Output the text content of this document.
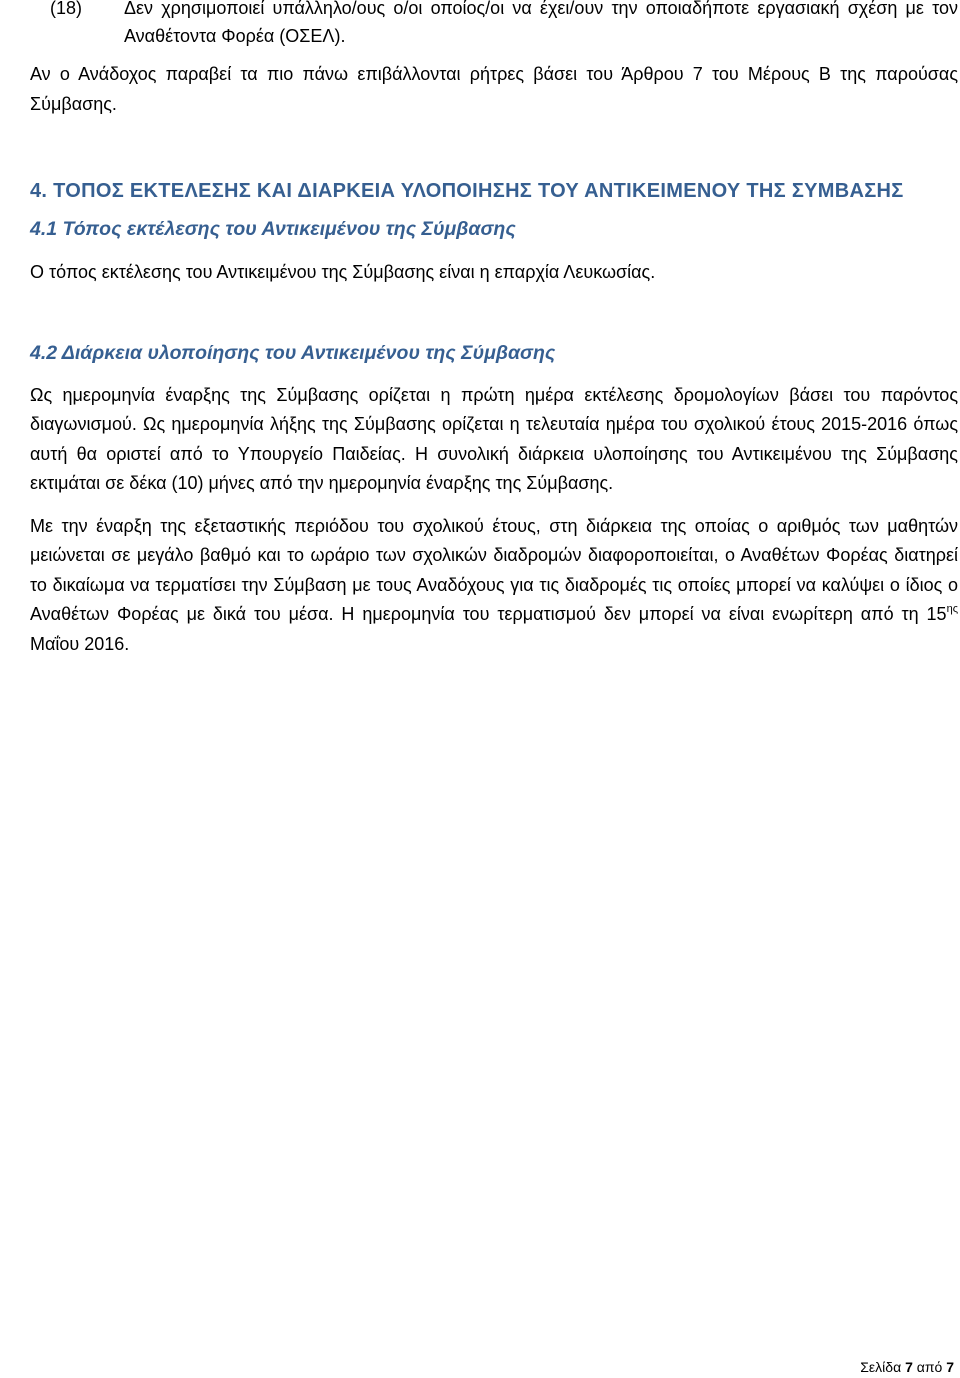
(18)	Δεν χρησιμοποιεί υπάλληλο/ους ο/οι οποίος/οι να έχει/ουν την οποιαδήποτε εργασιακή σχέση με τον Αναθέτοντα Φορέα (ΟΣΕΛ).

Αν ο Ανάδοχος παραβεί τα πιο πάνω επιβάλλονται ρήτρες βάσει του Άρθρου 7 του Μέρους Β της παρούσας Σύμβασης.

4. ΤΟΠΟΣ ΕΚΤΕΛΕΣΗΣ ΚΑΙ ΔΙΑΡΚΕΙΑ ΥΛΟΠΟΙΗΣΗΣ ΤΟΥ ΑΝΤΙΚΕΙΜΕΝΟΥ ΤΗΣ ΣΥΜΒΑΣΗΣ
4.1 Τόπος εκτέλεσης του Αντικειμένου της Σύμβασης

Ο τόπος εκτέλεσης του Αντικειμένου της Σύμβασης είναι η επαρχία Λευκωσίας.

4.2 Διάρκεια υλοποίησης του Αντικειμένου της Σύμβασης

Ως ημερομηνία έναρξης της Σύμβασης ορίζεται η πρώτη ημέρα εκτέλεσης δρομολογίων βάσει του παρόντος διαγωνισμού. Ως ημερομηνία λήξης της Σύμβασης ορίζεται η τελευταία ημέρα του σχολικού έτους 2015-2016 όπως αυτή θα οριστεί από το Υπουργείο Παιδείας. Η συνολική διάρκεια υλοποίησης του Αντικειμένου της Σύμβασης εκτιμάται σε δέκα (10) μήνες από την ημερομηνία έναρξης της Σύμβασης.

Με την έναρξη της εξεταστικής περιόδου του σχολικού έτους, στη διάρκεια της οποίας ο αριθμός των μαθητών μειώνεται σε μεγάλο βαθμό και το ωράριο των σχολικών διαδρομών διαφοροποιείται, ο Αναθέτων Φορέας διατηρεί το δικαίωμα να τερματίσει την Σύμβαση με τους Αναδόχους για τις διαδρομές τις οποίες μπορεί να καλύψει ο ίδιος ο Αναθέτων Φορέας με δικά του μέσα. Η ημερομηνία του τερματισμού δεν μπορεί να είναι ενωρίτερη από τη $15^{\eta\varsigma}$ Μαΐου 2016.

Σελίδα 7 από 7
